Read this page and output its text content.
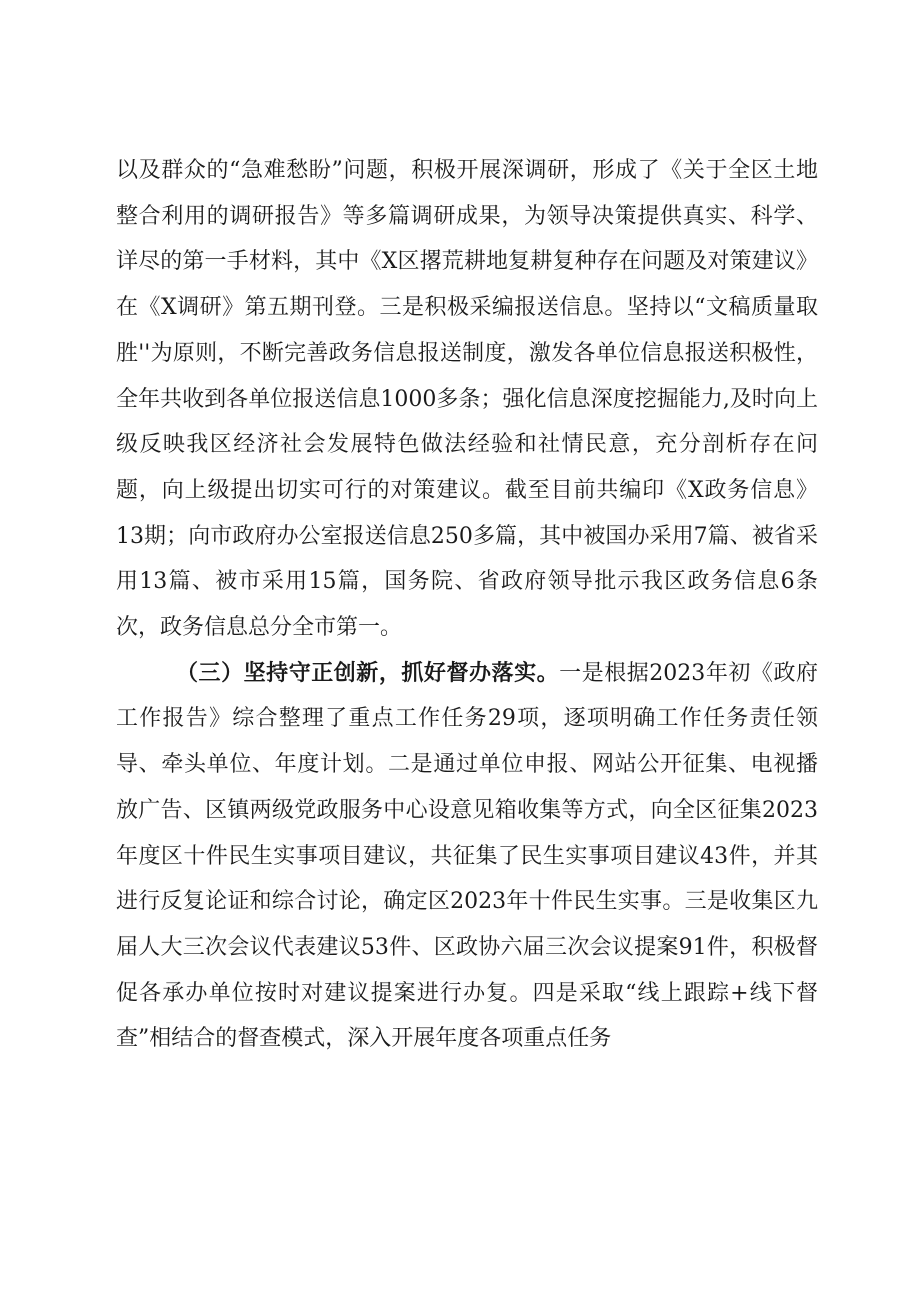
以及群众的“急难愁盼”问题，积极开展深调研，形成了《关于全区土地整合利用的调研报告》等多篇调研成果，为领导决策提供真实、科学、详尽的第一手材料，其中《X区撂荒耕地复耕复种存在问题及对策建议》在《X调研》第五期刊登。三是积极采编报送信息。坚持以“文稿质量取胜''为原则，不断完善政务信息报送制度，激发各单位信息报送积极性，全年共收到各单位报送信息1000多条；强化信息深度挖掘能力,及时向上级反映我区经济社会发展特色做法经验和社情民意，充分剖析存在问题，向上级提出切实可行的对策建议。截至目前共编印《X政务信息》13期；向市政府办公室报送信息250多篇，其中被国办采用7篇、被省采用13篇、被市采用15篇，国务院、省政府领导批示我区政务信息6条次，政务信息总分全市第一。

（三）坚持守正创新，抓好督办落实。一是根据2023年初《政府工作报告》综合整理了重点工作任务29项，逐项明确工作任务责任领导、牵头单位、年度计划。二是通过单位申报、网站公开征集、电视播放广告、区镇两级党政服务中心设意见箱收集等方式，向全区征集2023年度区十件民生实事项目建议，共征集了民生实事项目建议43件，并其进行反复论证和综合讨论，确定区2023年十件民生实事。三是收集区九届人大三次会议代表建议53件、区政协六届三次会议提案91件，积极督促各承办单位按时对建议提案进行办复。四是采取“线上跟踪+线下督查”相结合的督查模式，深入开展年度各项重点任务
